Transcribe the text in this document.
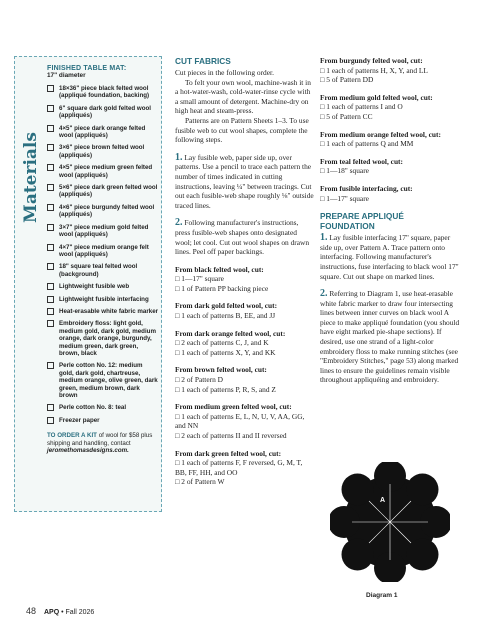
Materials
FINISHED TABLE MAT:
17" diameter
18×36" piece black felted wool (appliqué foundation, backing)
6" square dark gold felted wool (appliqués)
4×5" piece dark orange felted wool (appliqués)
3×6" piece brown felted wool (appliqués)
4×5" piece medium green felted wool (appliqués)
5×6" piece dark green felted wool (appliqués)
4×6" piece burgundy felted wool (appliqués)
3×7" piece medium gold felted wool (appliqués)
4×7" piece medium orange felt wool (appliqués)
18" square teal felted wool (background)
Lightweight fusible web
Lightweight fusible interfacing
Heat-erasable white fabric marker
Embroidery floss: light gold, medium gold, dark gold, medium orange, dark orange, burgundy, medium green, dark green, brown, black
Perle cotton No. 12: medium gold, dark gold, chartreuse, medium orange, olive green, dark green, medium brown, dark brown
Perle cotton No. 8: teal
Freezer paper
TO ORDER A KIT of wool for $58 plus shipping and handling, contact jeromethomasdesigns.com.
CUT FABRICS

Cut pieces in the following order.

To felt your own wool, machine-wash it in a hot-water-wash, cold-water-rinse cycle with a small amount of detergent. Machine-dry on high heat and steam-press.

Patterns are on Pattern Sheets 1–3. To use fusible web to cut wool shapes, complete the following steps.

1. Lay fusible web, paper side up, over patterns. Use a pencil to trace each pattern the number of times indicated in cutting instructions, leaving ¼" between tracings. Cut out each fusible-web shape roughly ⅛" outside traced lines.

2. Following manufacturer's instructions, press fusible-web shapes onto designated wool; let cool. Cut out wool shapes on drawn lines. Peel off paper backings.

From black felted wool, cut:

□ 1—17" square

□ 1 of Pattern PP backing piece

From dark gold felted wool, cut:

□ 1 each of patterns B, EE, and JJ

From dark orange felted wool, cut:

□ 2 each of patterns C, J, and K

□ 1 each of patterns X, Y, and KK

From brown felted wool, cut:

□ 2 of Pattern D

□ 1 each of patterns P, R, S, and Z

From medium green felted wool, cut:

□ 1 each of patterns E, L, N, U, V, AA, GG, and NN

□ 2 each of patterns II and II reversed

From dark green felted wool, cut:

□ 1 each of patterns F, F reversed, G, M, T, BB, FF, HH, and OO

□ 2 of Pattern W

From burgundy felted wool, cut:

□ 1 each of patterns H, X, Y, and LL

□ 5 of Pattern DD

From medium gold felted wool, cut:

□ 1 each of patterns I and O

□ 5 of Pattern CC

From medium orange felted wool, cut:

□ 1 each of patterns Q and MM

From teal felted wool, cut:

□ 1—18" square

From fusible interfacing, cut:

□ 1—17" square

PREPARE APPLIQUÉ FOUNDATION

1. Lay fusible interfacing 17" square, paper side up, over Pattern A. Trace pattern onto interfacing. Following manufacturer's instructions, fuse interfacing to black wool 17" square. Cut out shape on marked lines.

2. Referring to Diagram 1, use heat-erasable white fabric marker to draw four intersecting lines between inner curves on black wool A piece to make appliqué foundation (you should have eight marked pie-shape sections). If desired, use one strand of a light-color embroidery floss to make running stitches (see "Embroidery Stitches," page 53) along marked lines to ensure the guidelines remain visible throughout appliquéing and embroidery.

A
Diagram 1
48 APQ • Fall 2026
